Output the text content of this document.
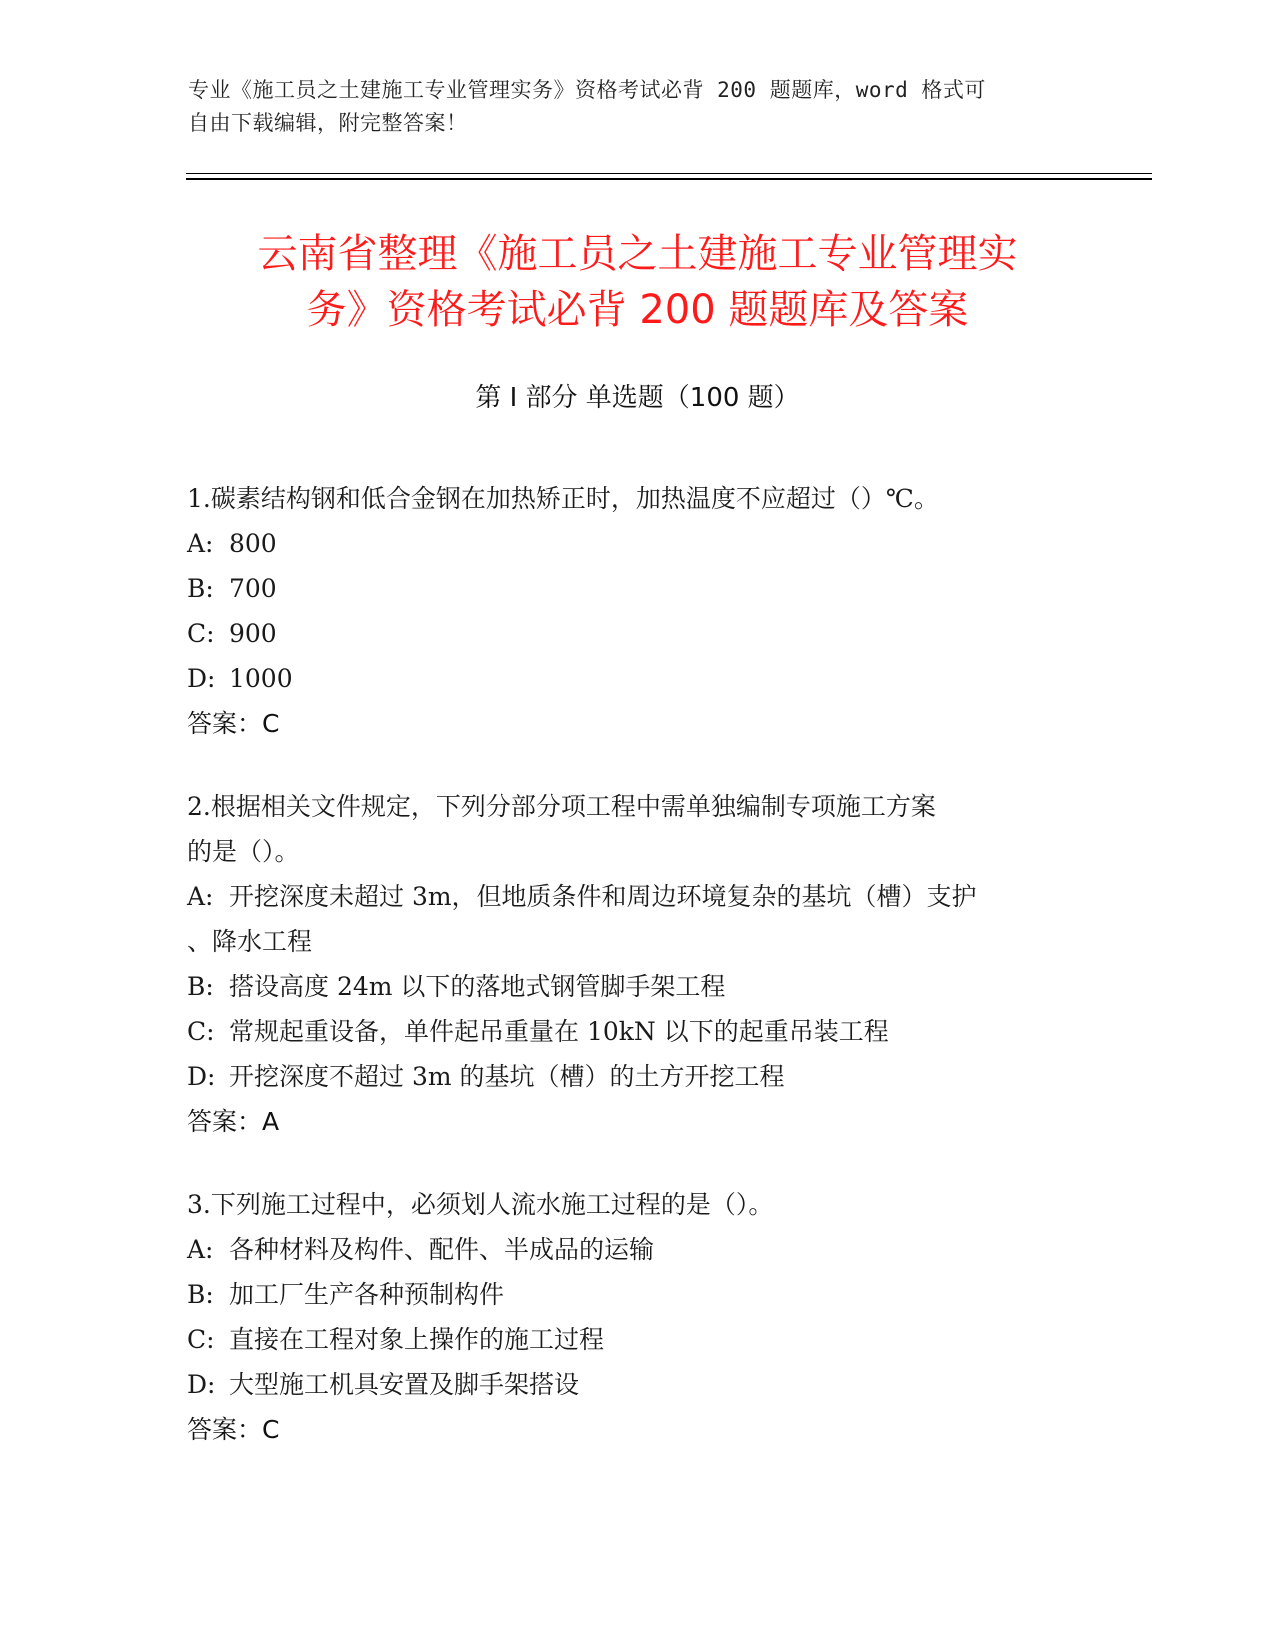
专业《施工员之土建施工专业管理实务》资格考试必背 200 题题库，word 格式可
自由下载编辑，附完整答案！
云南省整理《施工员之土建施工专业管理实
务》资格考试必背 200 题题库及答案
第 I 部分 单选题（100 题）
1.碳素结构钢和低合金钢在加热矫正时，加热温度不应超过（）℃。
A: 800
B: 700
C: 900
D: 1000
答案：C
2.根据相关文件规定，下列分部分项工程中需单独编制专项施工方案
的是（）。
A: 开挖深度未超过 3m，但地质条件和周边环境复杂的基坑（槽）支护
、降水工程
B: 搭设高度 24m 以下的落地式钢管脚手架工程
C: 常规起重设备，单件起吊重量在 10kN 以下的起重吊装工程
D: 开挖深度不超过 3m 的基坑（槽）的土方开挖工程
答案：A
3.下列施工过程中，必须划人流水施工过程的是（）。
A: 各种材料及构件、配件、半成品的运输
B: 加工厂生产各种预制构件
C: 直接在工程对象上操作的施工过程
D: 大型施工机具安置及脚手架搭设
答案：C
